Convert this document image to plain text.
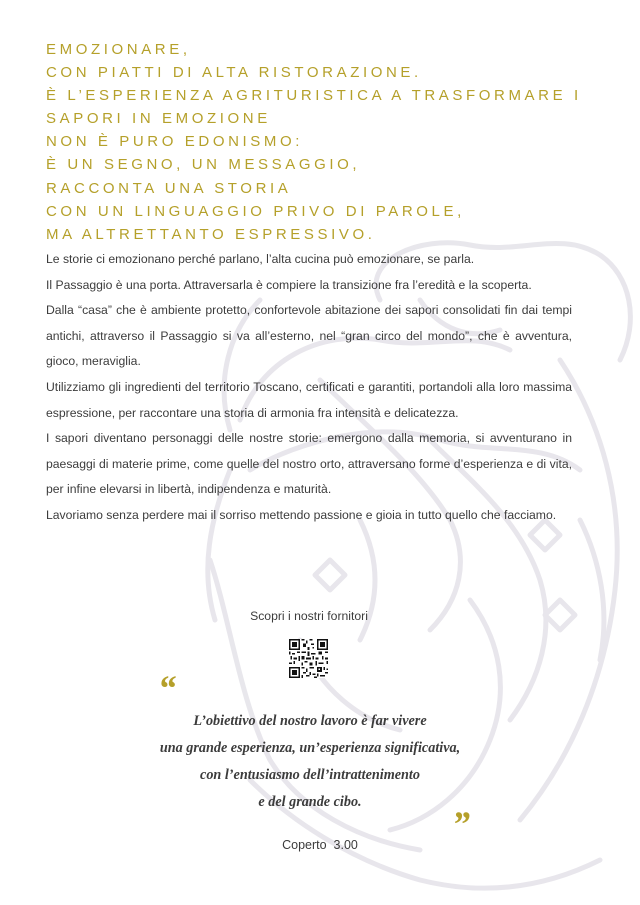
EMOZIONARE,
CON PIATTI DI ALTA RISTORAZIONE.
È L’ESPERIENZA AGRITURISTICA A TRASFORMARE I
SAPORI IN EMOZIONE
NON È PURO EDONISMO:
È UN SEGNO, UN MESSAGGIO,
RACCONTA UNA STORIA
CON UN LINGUAGGIO PRIVO DI PAROLE,
MA ALTRETTANTO ESPRESSIVO.

Le storie ci emozionano perché parlano, l’alta cucina può emozionare, se parla.

Il Passaggio è una porta. Attraversarla è compiere la transizione fra l’eredità e la scoperta.

Dalla “casa” che è ambiente protetto, confortevole abitazione dei sapori consolidati fin dai tempi antichi, attraverso il Passaggio si va all’esterno, nel “gran circo del mondo”, che è avventura, gioco, meraviglia.

Utilizziamo gli ingredienti del territorio Toscano, certificati e garantiti, portandoli alla loro massima espressione, per raccontare una storia di armonia fra intensità e delicatezza.

I sapori diventano personaggi delle nostre storie: emergono dalla memoria, si avventurano in paesaggi di materie prime, come quelle del nostro orto, attraversano forme d’esperienza e di vita, per infine elevarsi in libertà, indipendenza e maturità.

Lavoriamo senza perdere mai il sorriso mettendo passione e gioia in tutto quello che facciamo.

Scopri i nostri fornitori
“
L’obiettivo del nostro lavoro è far vivere
una grande esperienza, un’esperienza significativa,
con l’entusiasmo dell’intrattenimento
e del grande cibo.
”
Coperto 3.00
